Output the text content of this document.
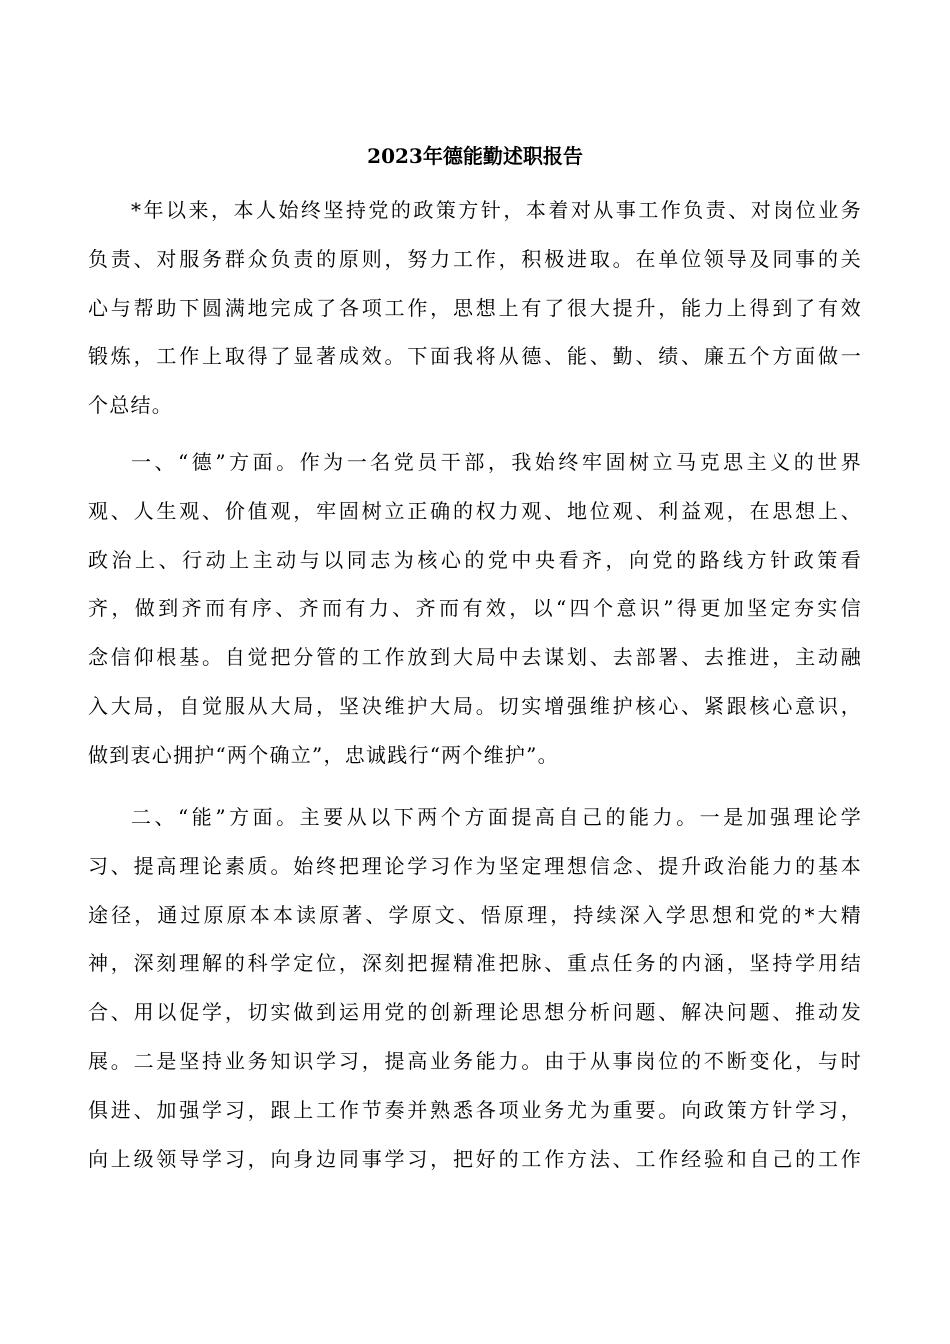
2023年德能勤述职报告
*年以来，本人始终坚持党的政策方针，本着对从事工作负责、对岗位业务
负责、对服务群众负责的原则，努力工作，积极进取。在单位领导及同事的关
心与帮助下圆满地完成了各项工作，思想上有了很大提升，能力上得到了有效
锻炼，工作上取得了显著成效。下面我将从德、能、勤、绩、廉五个方面做一
个总结。
一、“德”方面。作为一名党员干部，我始终牢固树立马克思主义的世界
观、人生观、价值观，牢固树立正确的权力观、地位观、利益观，在思想上、
政治上、行动上主动与以同志为核心的党中央看齐，向党的路线方针政策看
齐，做到齐而有序、齐而有力、齐而有效，以“四个意识”得更加坚定夯实信
念信仰根基。自觉把分管的工作放到大局中去谋划、去部署、去推进，主动融
入大局，自觉服从大局，坚决维护大局。切实增强维护核心、紧跟核心意识，
做到衷心拥护“两个确立”，忠诚践行“两个维护”。
二、“能”方面。主要从以下两个方面提高自己的能力。一是加强理论学
习、提高理论素质。始终把理论学习作为坚定理想信念、提升政治能力的基本
途径，通过原原本本读原著、学原文、悟原理，持续深入学思想和党的*大精
神，深刻理解的科学定位，深刻把握精准把脉、重点任务的内涵，坚持学用结
合、用以促学，切实做到运用党的创新理论思想分析问题、解决问题、推动发
展。二是坚持业务知识学习，提高业务能力。由于从事岗位的不断变化，与时
俱进、加强学习，跟上工作节奏并熟悉各项业务尤为重要。向政策方针学习，
向上级领导学习，向身边同事学习，把好的工作方法、工作经验和自己的工作
